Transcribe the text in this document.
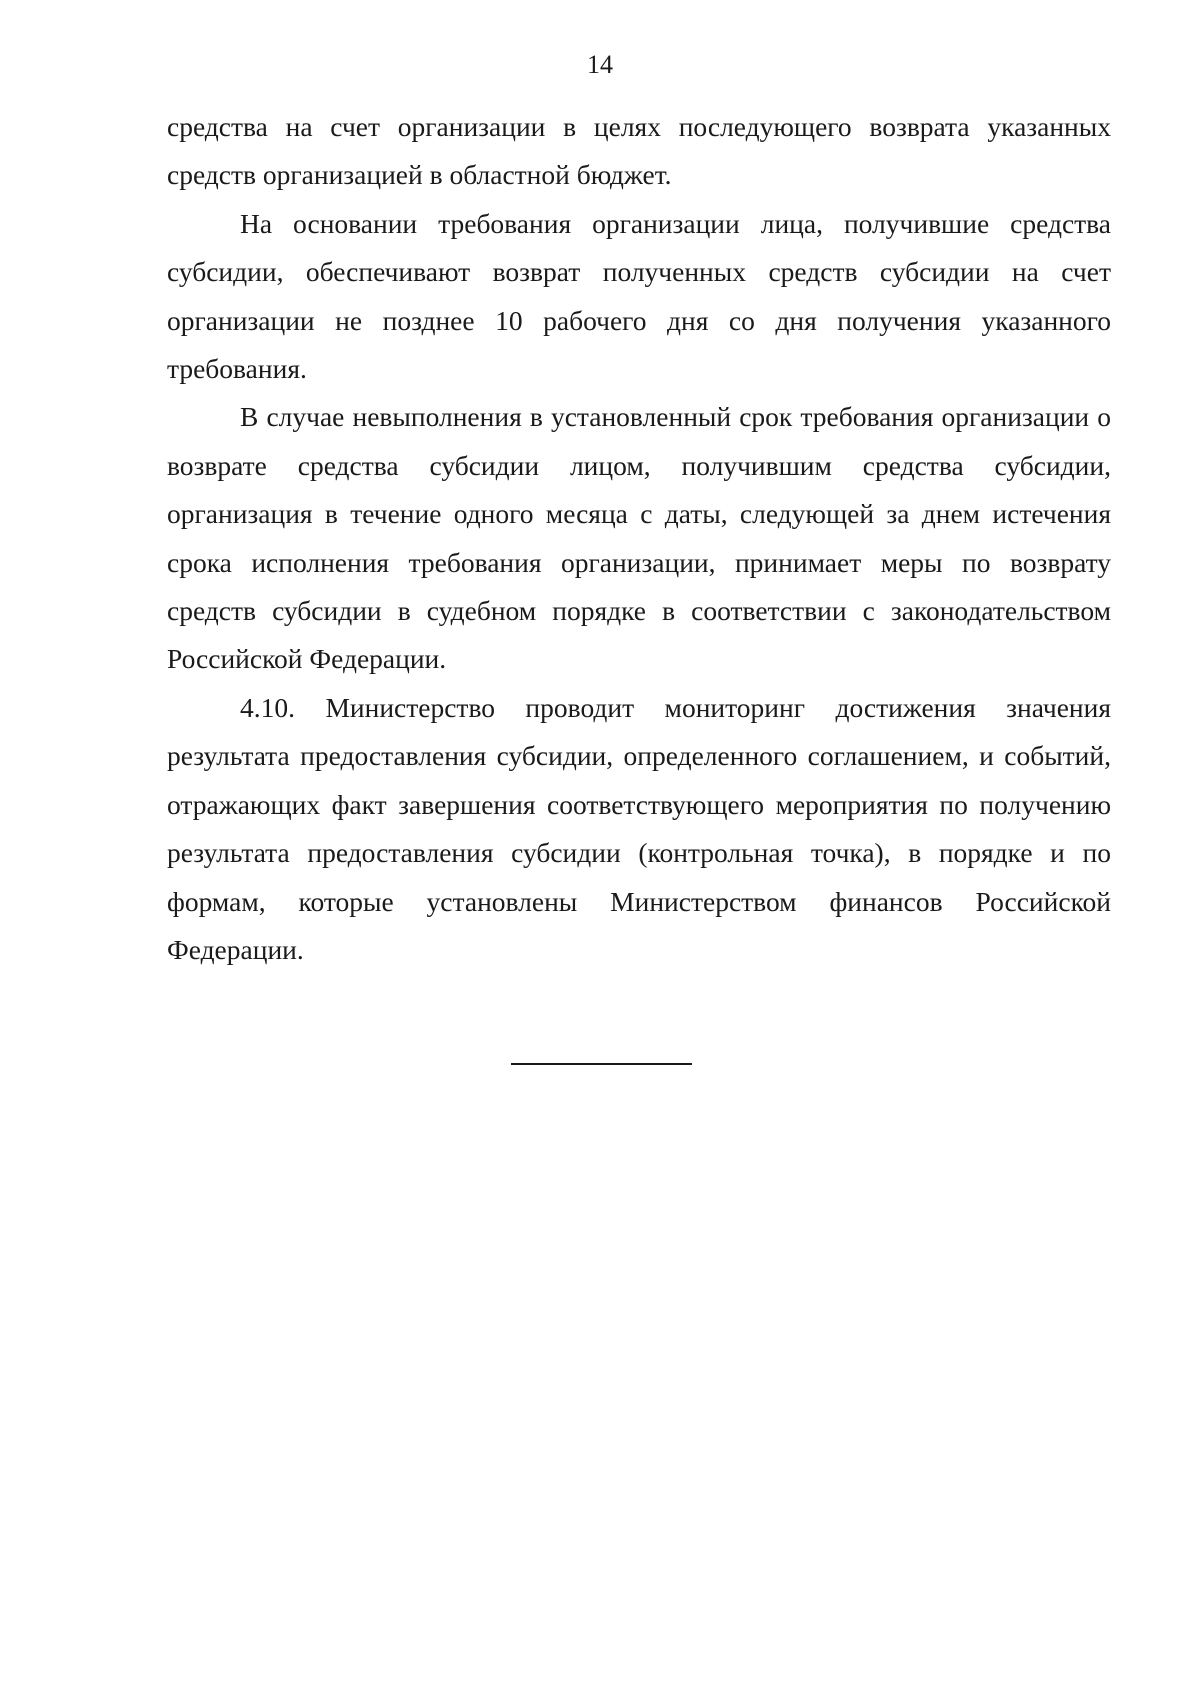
14

средства на счет организации в целях последующего возврата указанных средств организацией в областной бюджет.

На основании требования организации лица, получившие средства субсидии, обеспечивают возврат полученных средств субсидии на счет организации не позднее 10 рабочего дня со дня получения указанного требования.

В случае невыполнения в установленный срок требования организации о возврате средства субсидии лицом, получившим средства субсидии, организация в течение одного месяца с даты, следующей за днем истечения срока исполнения требования организации, принимает меры по возврату средств субсидии в судебном порядке в соответствии с законодательством Российской Федерации.

4.10. Министерство проводит мониторинг достижения значения результата предоставления субсидии, определенного соглашением, и событий, отражающих факт завершения соответствующего мероприятия по получению результата предоставления субсидии (контрольная точка), в порядке и по формам, которые установлены Министерством финансов Российской Федерации.
